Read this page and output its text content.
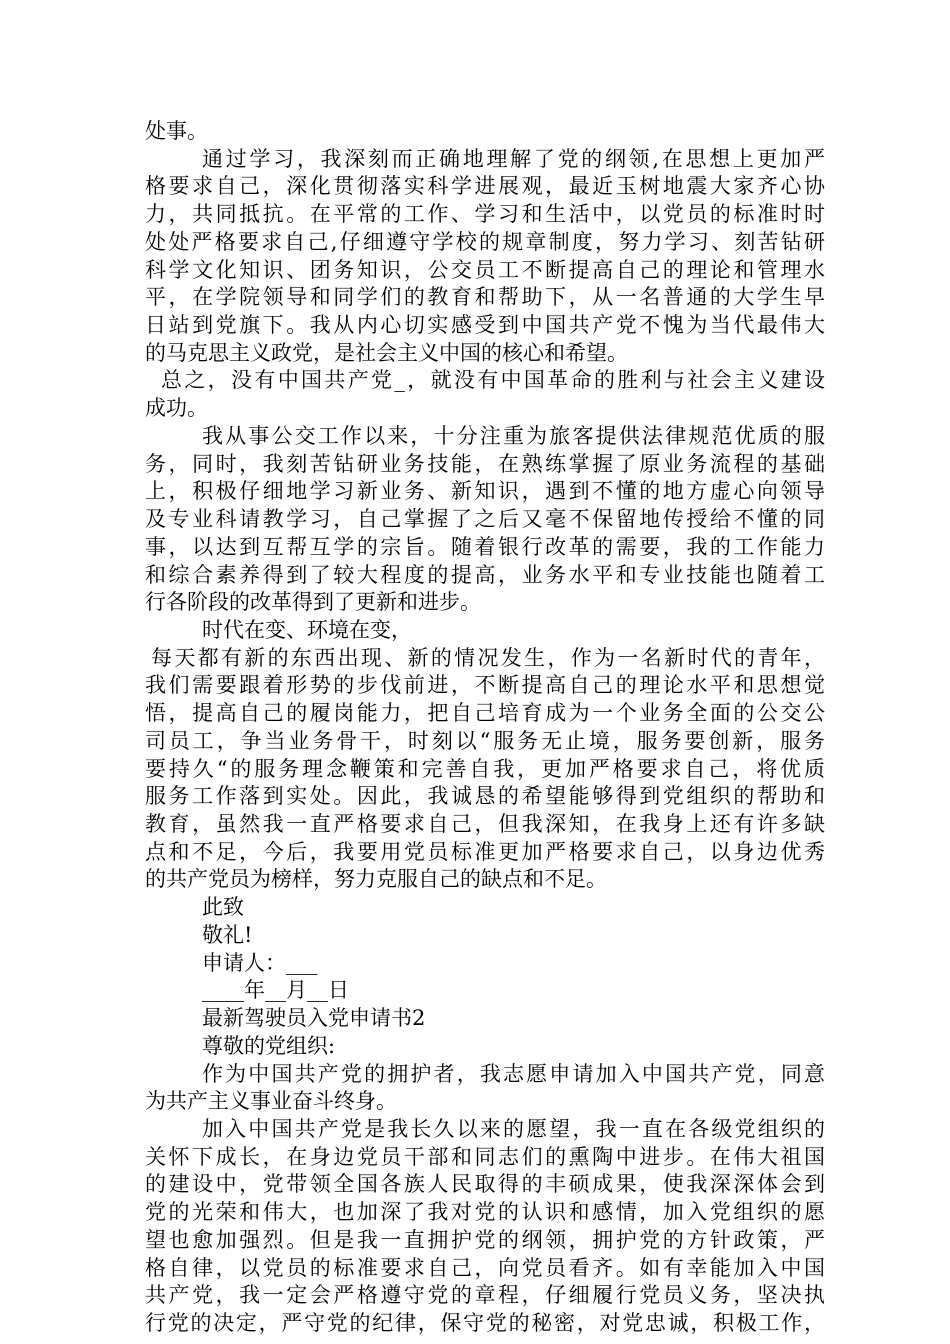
处事。
通过学习，我深刻而正确地理解了党的纲领,在思想上更加严
格要求自己，深化贯彻落实科学进展观，最近玉树地震大家齐心协
力，共同抵抗。在平常的工作、学习和生活中，以党员的标准时时
处处严格要求自己,仔细遵守学校的规章制度，努力学习、刻苦钻研
科学文化知识、团务知识，公交员工不断提高自己的理论和管理水
平，在学院领导和同学们的教育和帮助下，从一名普通的大学生早
日站到党旗下。我从内心切实感受到中国共产党不愧为当代最伟大
的马克思主义政党，是社会主义中国的核心和希望。
总之，没有中国共产党_，就没有中国革命的胜利与社会主义建设
成功。
我从事公交工作以来，十分注重为旅客提供法律规范优质的服
务，同时，我刻苦钻研业务技能，在熟练掌握了原业务流程的基础
上，积极仔细地学习新业务、新知识，遇到不懂的地方虚心向领导
及专业科请教学习，自己掌握了之后又毫不保留地传授给不懂的同
事，以达到互帮互学的宗旨。随着银行改革的需要，我的工作能力
和综合素养得到了较大程度的提高，业务水平和专业技能也随着工
行各阶段的改革得到了更新和进步。
时代在变、环境在变，
每天都有新的东西出现、新的情况发生，作为一名新时代的青年，
我们需要跟着形势的步伐前进，不断提高自己的理论水平和思想觉
悟，提高自己的履岗能力，把自己培育成为一个业务全面的公交公
司员工，争当业务骨干，时刻以“服务无止境，服务要创新，服务
要持久“的服务理念鞭策和完善自我，更加严格要求自己，将优质
服务工作落到实处。因此，我诚恳的希望能够得到党组织的帮助和
教育，虽然我一直严格要求自己，但我深知，在我身上还有许多缺
点和不足，今后，我要用党员标准更加严格要求自己，以身边优秀
的共产党员为榜样，努力克服自己的缺点和不足。
此致
敬礼!
申请人：___
____年__月__日
最新驾驶员入党申请书2
尊敬的党组织:
作为中国共产党的拥护者，我志愿申请加入中国共产党，同意
为共产主义事业奋斗终身。
加入中国共产党是我长久以来的愿望，我一直在各级党组织的
关怀下成长，在身边党员干部和同志们的熏陶中进步。在伟大祖国
的建设中，党带领全国各族人民取得的丰硕成果，使我深深体会到
党的光荣和伟大，也加深了我对党的认识和感情，加入党组织的愿
望也愈加强烈。但是我一直拥护党的纲领，拥护党的方针政策，严
格自律，以党员的标准要求自己，向党员看齐。如有幸能加入中国
共产党，我一定会严格遵守党的章程，仔细履行党员义务，坚决执
行党的决定，严守党的纪律，保守党的秘密，对党忠诚，积极工作，
